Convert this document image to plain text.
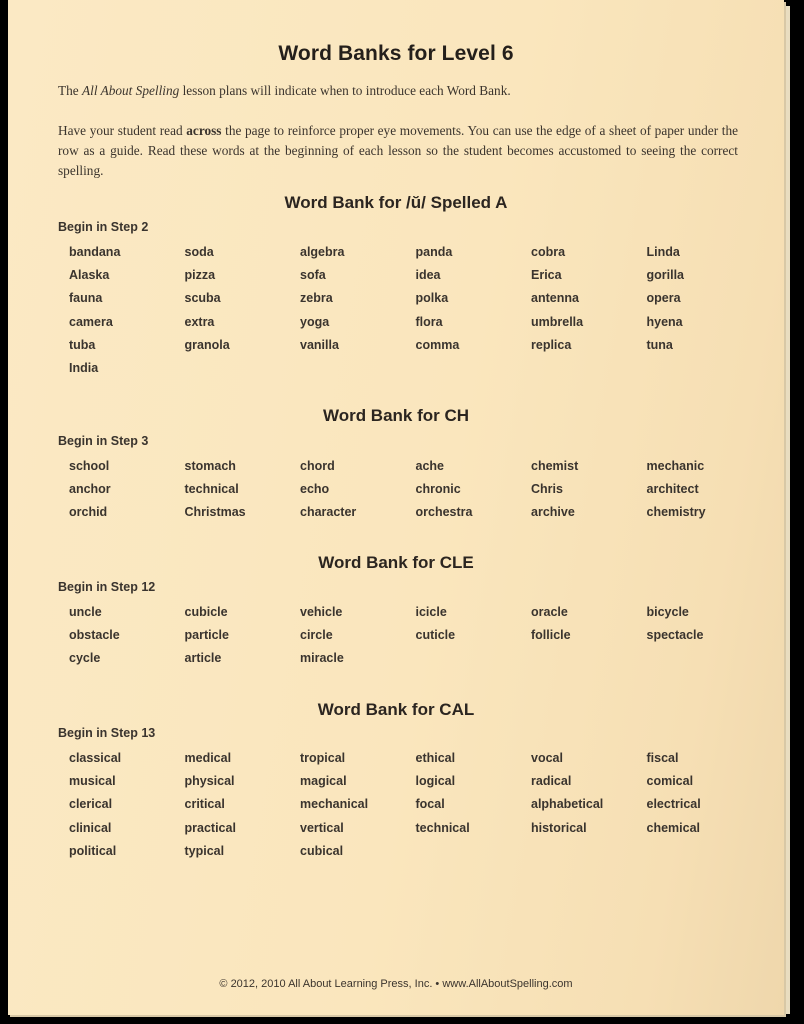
Word Banks for Level 6
The All About Spelling lesson plans will indicate when to introduce each Word Bank.
Have your student read across the page to reinforce proper eye movements. You can use the edge of a sheet of paper under the row as a guide. Read these words at the beginning of each lesson so the student becomes accustomed to seeing the correct spelling.
Word Bank for /ŭ/ Spelled A
Begin in Step 2
bandana	soda	algebra	panda	cobra	Linda
Alaska	pizza	sofa	idea	Erica	gorilla
fauna	scuba	zebra	polka	antenna	opera
camera	extra	yoga	flora	umbrella	hyena
tuba	granola	vanilla	comma	replica	tuna
India
Word Bank for CH
Begin in Step 3
school	stomach	chord	ache	chemist	mechanic
anchor	technical	echo	chronic	Chris	architect
orchid	Christmas	character	orchestra	archive	chemistry
Word Bank for CLE
Begin in Step 12
uncle	cubicle	vehicle	icicle	oracle	bicycle
obstacle	particle	circle	cuticle	follicle	spectacle
cycle	article	miracle
Word Bank for CAL
Begin in Step 13
classical	medical	tropical	ethical	vocal	fiscal
musical	physical	magical	logical	radical	comical
clerical	critical	mechanical	focal	alphabetical	electrical
clinical	practical	vertical	technical	historical	chemical
political	typical	cubical
© 2012, 2010 All About Learning Press, Inc. • www.AllAboutSpelling.com
